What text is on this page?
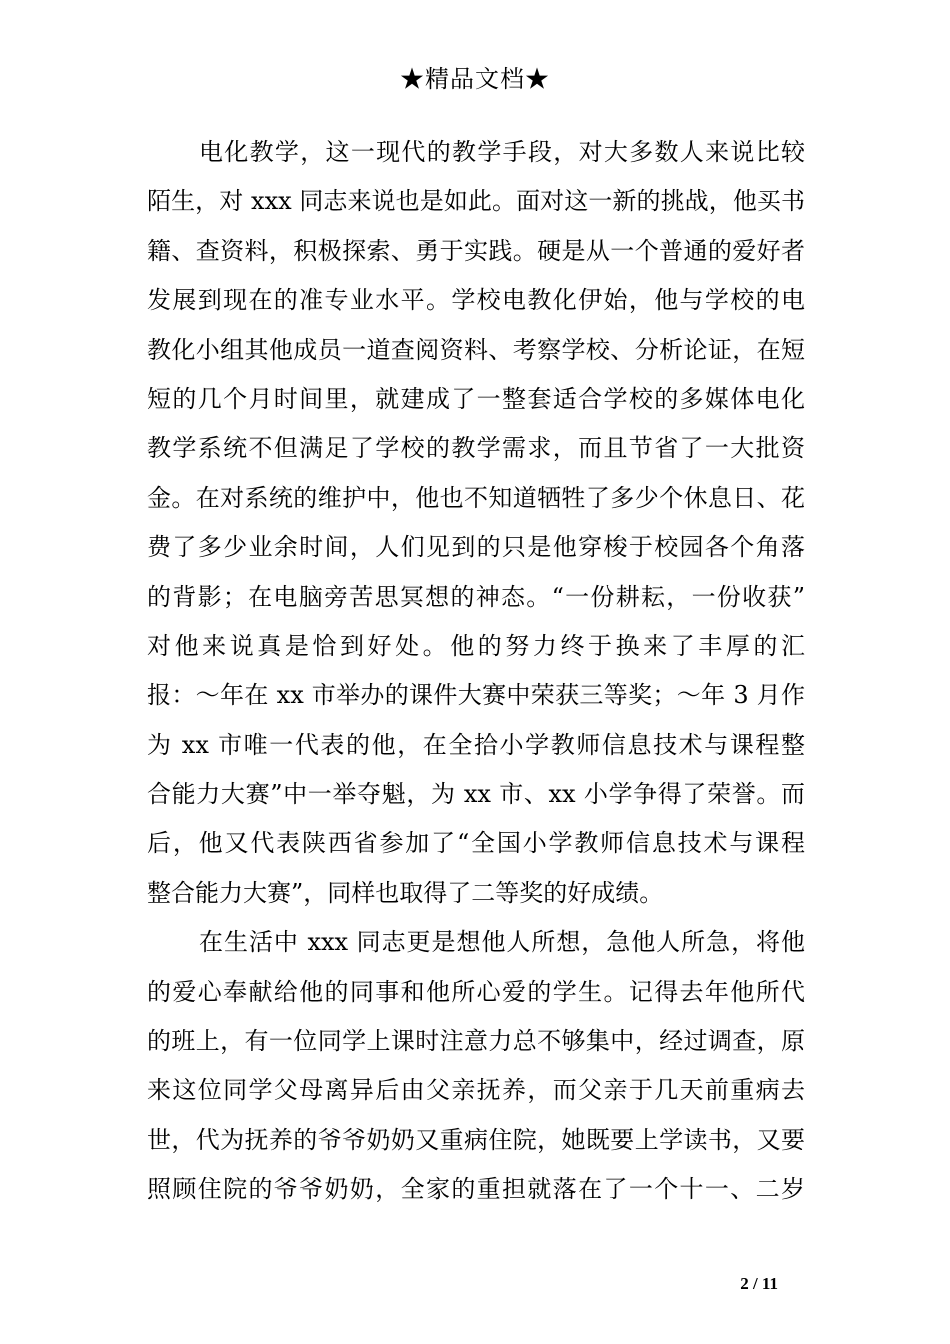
★精品文档★
电化教学，这一现代的教学手段，对大多数人来说比较
陌生，对 xxx 同志来说也是如此。面对这一新的挑战，他买书
籍、查资料，积极探索、勇于实践。硬是从一个普通的爱好者
发展到现在的准专业水平。学校电教化伊始，他与学校的电
教化小组其他成员一道查阅资料、考察学校、分析论证，在短
短的几个月时间里，就建成了一整套适合学校的多媒体电化
教学系统不但满足了学校的教学需求，而且节省了一大批资
金。在对系统的维护中，他也不知道牺牲了多少个休息日、花
费了多少业余时间，人们见到的只是他穿梭于校园各个角落
的背影；在电脑旁苦思冥想的神态。“一份耕耘，一份收获”
对他来说真是恰到好处。他的努力终于换来了丰厚的汇
报：～年在 xx 市举办的课件大赛中荣获三等奖；～年 3 月作
为 xx 市唯一代表的他，在全拾小学教师信息技术与课程整
合能力大赛”中一举夺魁，为 xx 市、xx 小学争得了荣誉。而
后，他又代表陕西省参加了“全国小学教师信息技术与课程
整合能力大赛”，同样也取得了二等奖的好成绩。
在生活中 xxx 同志更是想他人所想，急他人所急，将他
的爱心奉献给他的同事和他所心爱的学生。记得去年他所代
的班上，有一位同学上课时注意力总不够集中，经过调查，原
来这位同学父母离异后由父亲抚养，而父亲于几天前重病去
世，代为抚养的爷爷奶奶又重病住院，她既要上学读书，又要
照顾住院的爷爷奶奶，全家的重担就落在了一个十一、二岁
2 / 11
